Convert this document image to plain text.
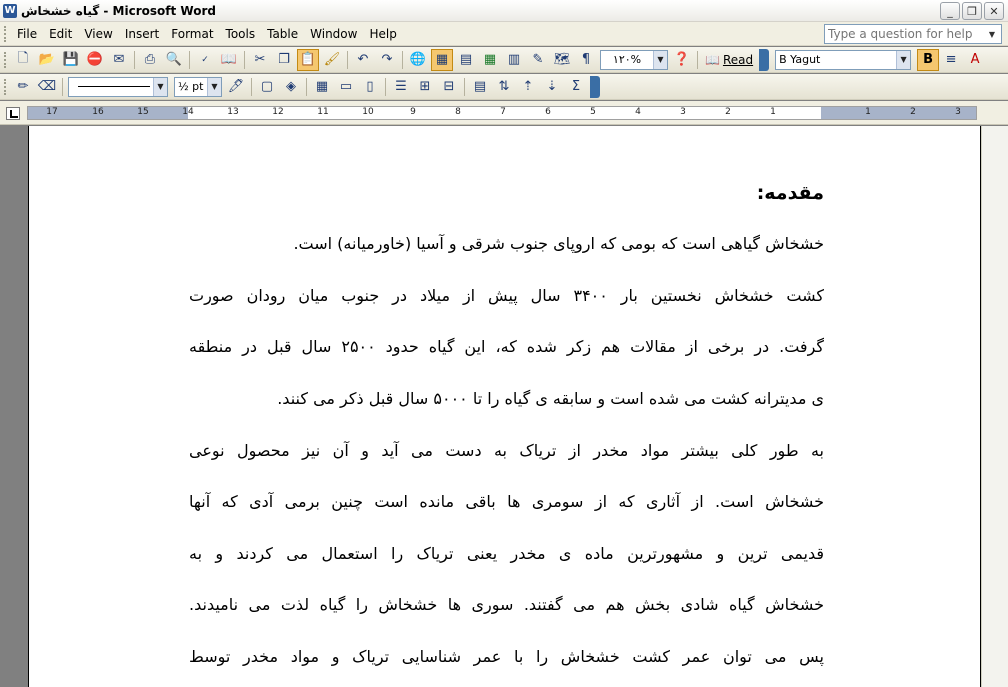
W گیاه خشخاش - Microsoft Word	_	❐	✕
File	Edit	View	Insert	Format	Tools	Table	Window	Help
Type a question for help	▼
🗋 📂 💾 ⛔ ✉	⎙ 🔍	✓ 📖	✂ ❐ 📋 🖌	↶	↷	🌐 ▦ ▤ ▦ ▥ ✎ 🗺 ¶	١٢٠%	▼ ❓ 📖 Read B Yagut	▼	B ≡	A
✏ ⌫	▼	½ pt ▼ 🖊	▢ ◈	▦ ▭	▯	☰ ⊞	⊟	▤ ⇅	⇡	⇣	Σ
17	16	15	14	13	12	11	10	9	8	7	6	5	4	3	2	1	1	2	3
مقدمه:
خشخاش گیاهی است که بومی که اروپای جنوب شرقی و آسیا (خاورمیانه) است.
کشت خشخاش نخستین بار ۳۴۰۰ سال پیش از میلاد در جنوب میان رودان صورت
گرفت. در برخی از مقالات هم زکر شده که، این گیاه حدود ۲۵۰۰ سال قبل در منطقه
ی مدیترانه کشت می شده است و سابقه ی گیاه را تا ۵۰۰۰ سال قبل ذکر می کنند.
به طور کلی بیشتر مواد مخدر از تریاک به دست می آید و آن نیز محصول نوعی
خشخاش است. از آثاری که از سومری ها باقی مانده است چنین برمی آدی که آنها
قدیمی ترین و مشهورترین ماده ی مخدر یعنی تریاک را استعمال می کردند و به
خشخاش گیاه شادی بخش هم می گفتند. سوری ها خشخاش را گیاه لذت می نامیدند.
پس می توان عمر کشت خشخاش را با عمر شناسایی تریاک و مواد مخدر توسط
